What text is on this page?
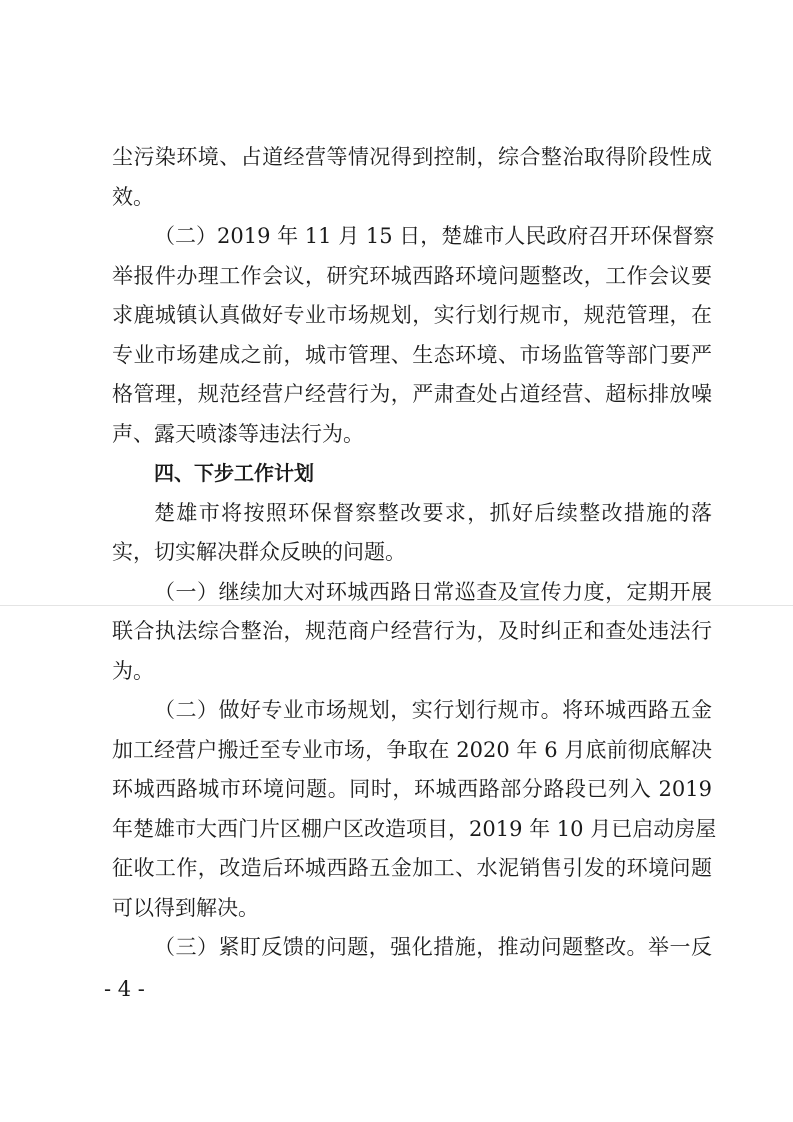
尘污染环境、占道经营等情况得到控制，综合整治取得阶段性成
效。
（二）2019 年 11 月 15 日，楚雄市人民政府召开环保督察
举报件办理工作会议，研究环城西路环境问题整改，工作会议要
求鹿城镇认真做好专业市场规划，实行划行规市，规范管理，在
专业市场建成之前，城市管理、生态环境、市场监管等部门要严
格管理，规范经营户经营行为，严肃查处占道经营、超标排放噪
声、露天喷漆等违法行为。
四、下步工作计划
楚雄市将按照环保督察整改要求，抓好后续整改措施的落
实，切实解决群众反映的问题。
（一）继续加大对环城西路日常巡查及宣传力度，定期开展
联合执法综合整治，规范商户经营行为，及时纠正和查处违法行
为。
（二）做好专业市场规划，实行划行规市。将环城西路五金
加工经营户搬迁至专业市场，争取在 2020 年 6 月底前彻底解决
环城西路城市环境问题。同时，环城西路部分路段已列入 2019
年楚雄市大西门片区棚户区改造项目，2019 年 10 月已启动房屋
征收工作，改造后环城西路五金加工、水泥销售引发的环境问题
可以得到解决。
（三）紧盯反馈的问题，强化措施，推动问题整改。举一反
- 4 -
